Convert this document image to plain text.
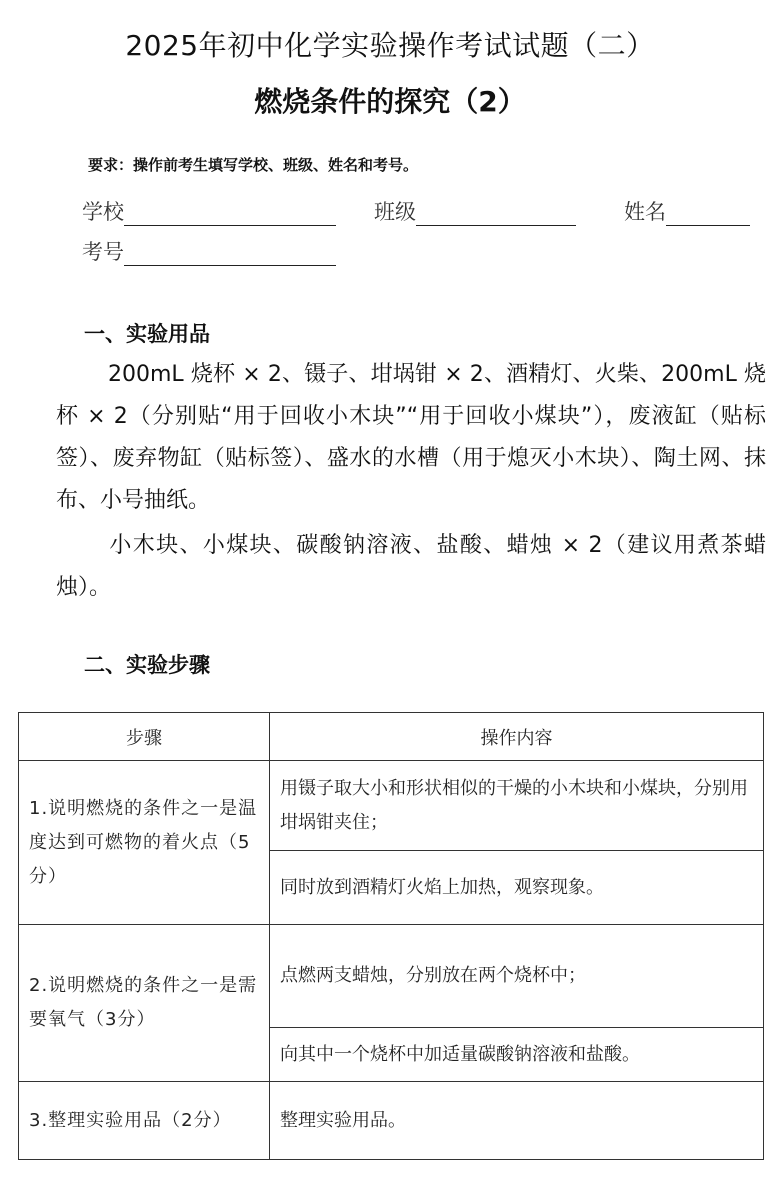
2025年初中化学实验操作考试试题（二）
燃烧条件的探究（2）
要求：操作前考生填写学校、班级、姓名和考号。
学校	班级	姓名
考号
一、实验用品
200mL 烧杯 × 2、镊子、坩埚钳 × 2、酒精灯、火柴、200mL 烧杯 × 2（分别贴“用于回收小木块”“用于回收小煤块”），废液缸（贴标签）、废弃物缸（贴标签）、盛水的水槽（用于熄灭小木块）、陶土网、抹布、小号抽纸。
小木块、小煤块、碳酸钠溶液、盐酸、蜡烛 × 2（建议用煮茶蜡烛）。
二、实验步骤
步骤	操作内容
1.说明燃烧的条件之一是温度达到可燃物的着火点（5分）	用镊子取大小和形状相似的干燥的小木块和小煤块，分别用坩埚钳夹住；
	同时放到酒精灯火焰上加热，观察现象。
2.说明燃烧的条件之一是需要氧气（3分）	点燃两支蜡烛，分别放在两个烧杯中；
	向其中一个烧杯中加适量碳酸钠溶液和盐酸。
3.整理实验用品（2分）	整理实验用品。
